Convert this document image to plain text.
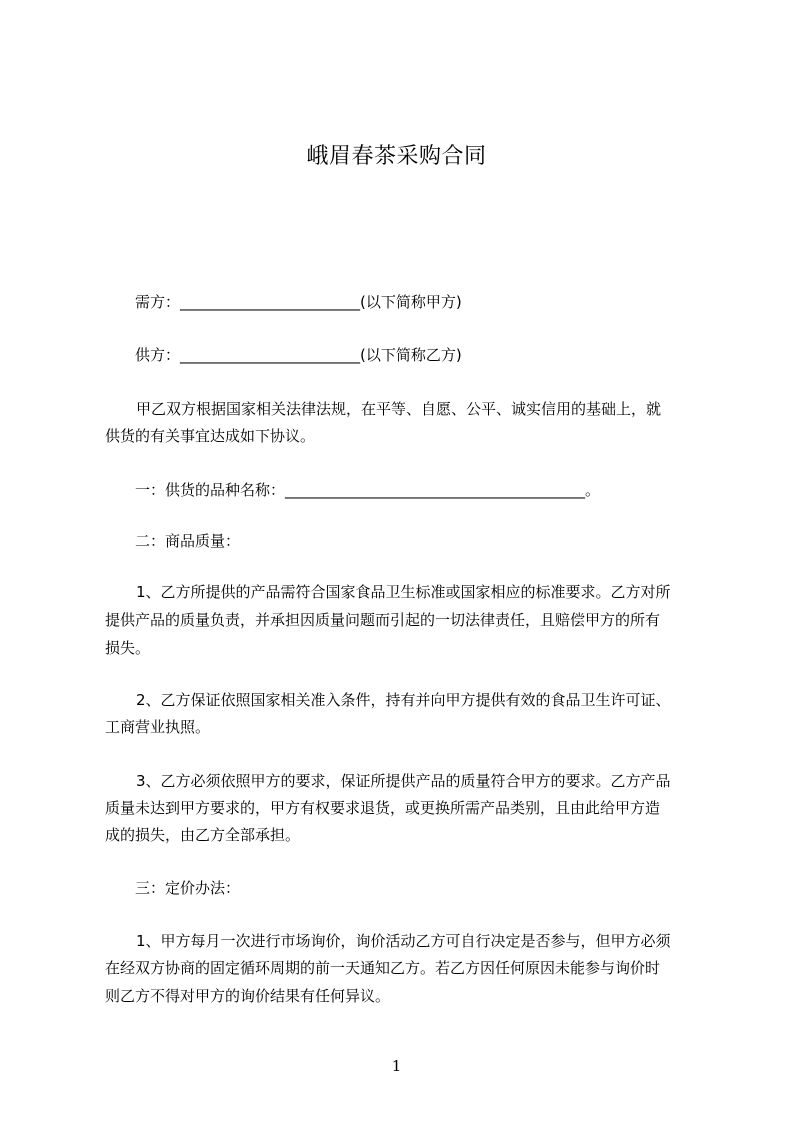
峨眉春茶采购合同
需方：________________________(以下简称甲方)
供方：________________________(以下简称乙方)
甲乙双方根据国家相关法律法规，在平等、自愿、公平、诚实信用的基础上，就
供货的有关事宜达成如下协议。
一：供货的品种名称：________________________________________。
二：商品质量：
1、乙方所提供的产品需符合国家食品卫生标准或国家相应的标准要求。乙方对所
提供产品的质量负责，并承担因质量问题而引起的一切法律责任，且赔偿甲方的所有
损失。
2、乙方保证依照国家相关准入条件，持有并向甲方提供有效的食品卫生许可证、
工商营业执照。
3、乙方必须依照甲方的要求，保证所提供产品的质量符合甲方的要求。乙方产品
质量未达到甲方要求的，甲方有权要求退货，或更换所需产品类别，且由此给甲方造
成的损失，由乙方全部承担。
三：定价办法：
1、甲方每月一次进行市场询价，询价活动乙方可自行决定是否参与，但甲方必须
在经双方协商的固定循环周期的前一天通知乙方。若乙方因任何原因未能参与询价时
则乙方不得对甲方的询价结果有任何异议。
1
